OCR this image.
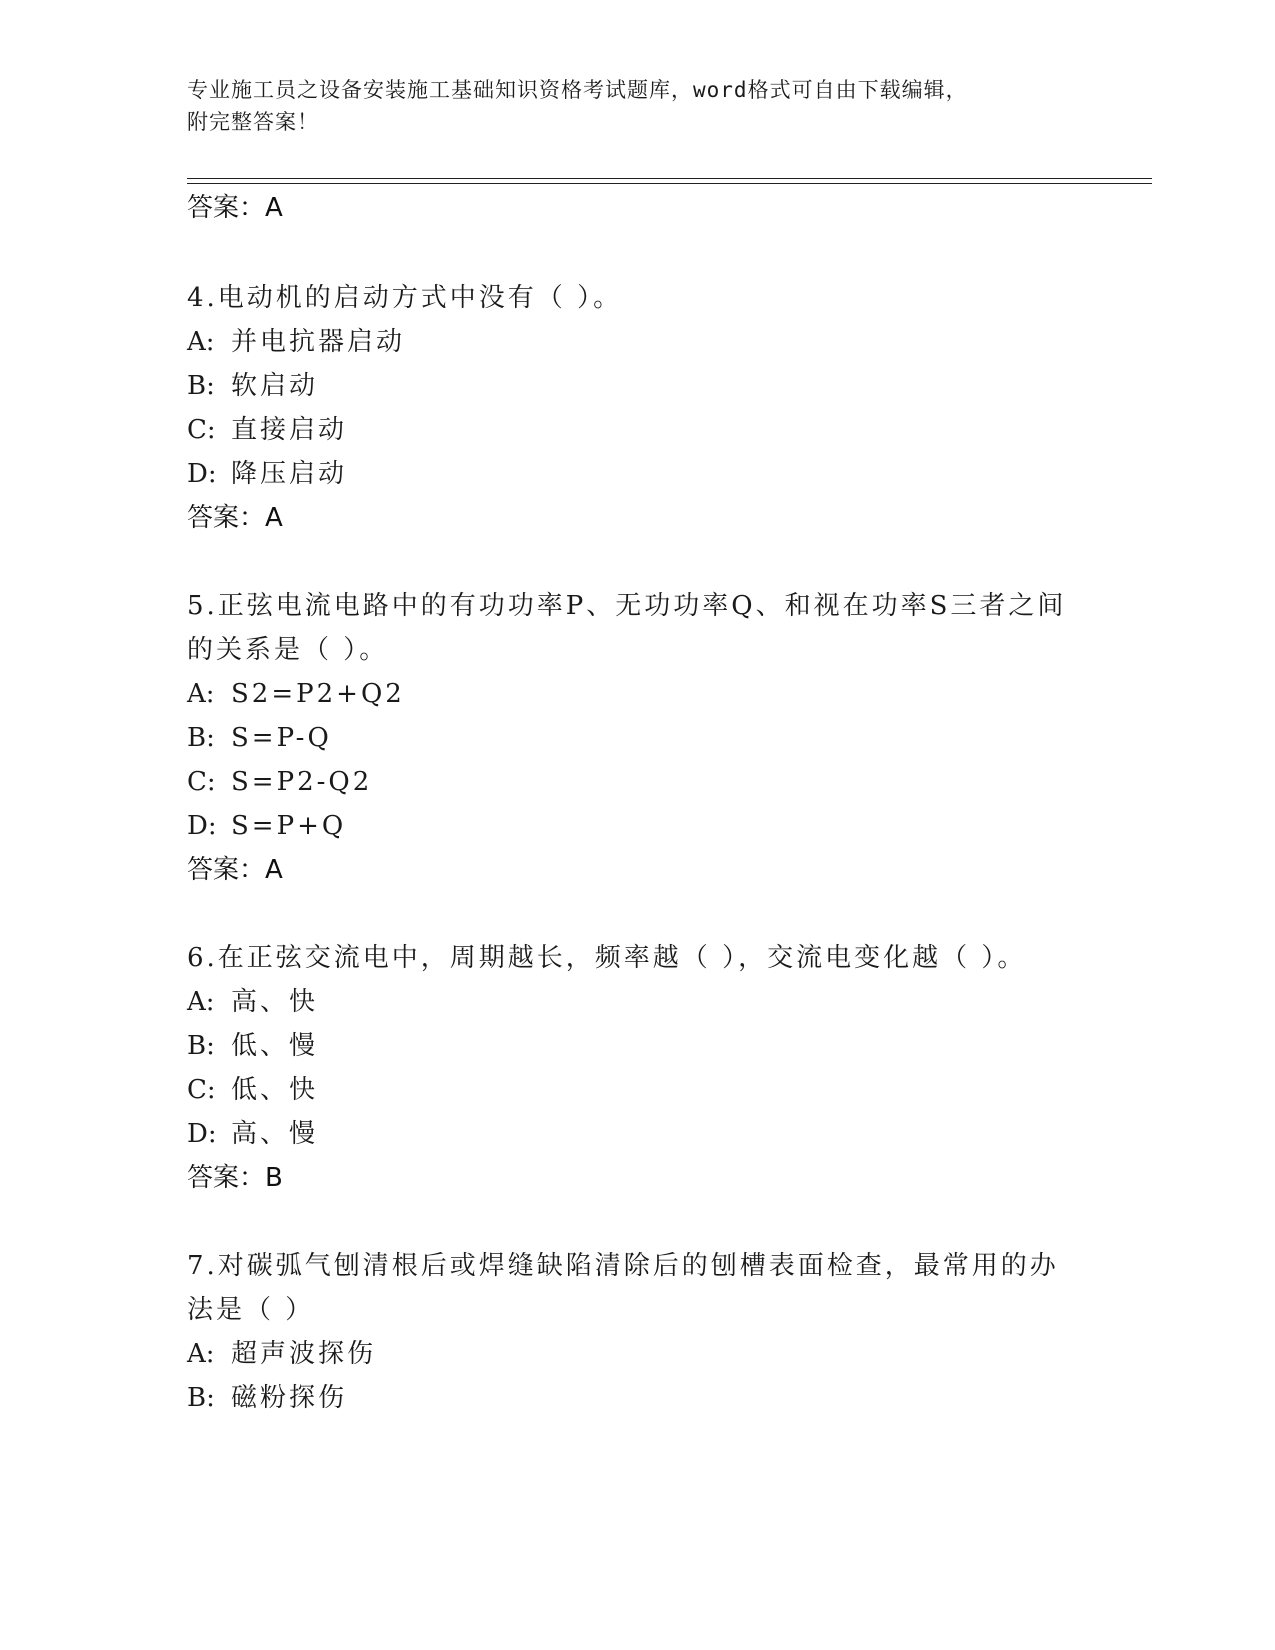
专业施工员之设备安装施工基础知识资格考试题库，word格式可自由下载编辑，
附完整答案！
答案：A
4.电动机的启动方式中没有（ ）。
A: 并电抗器启动
B: 软启动
C: 直接启动
D: 降压启动
答案：A
5.正弦电流电路中的有功功率P、无功功率Q、和视在功率S三者之间
的关系是（ ）。
A: S2=P2+Q2
B: S=P-Q
C: S=P2-Q2
D: S=P+Q
答案：A
6.在正弦交流电中，周期越长，频率越（ ），交流电变化越（ ）。
A: 高、快
B: 低、慢
C: 低、快
D: 高、慢
答案：B
7.对碳弧气刨清根后或焊缝缺陷清除后的刨槽表面检查，最常用的办
法是（ ）
A: 超声波探伤
B: 磁粉探伤
